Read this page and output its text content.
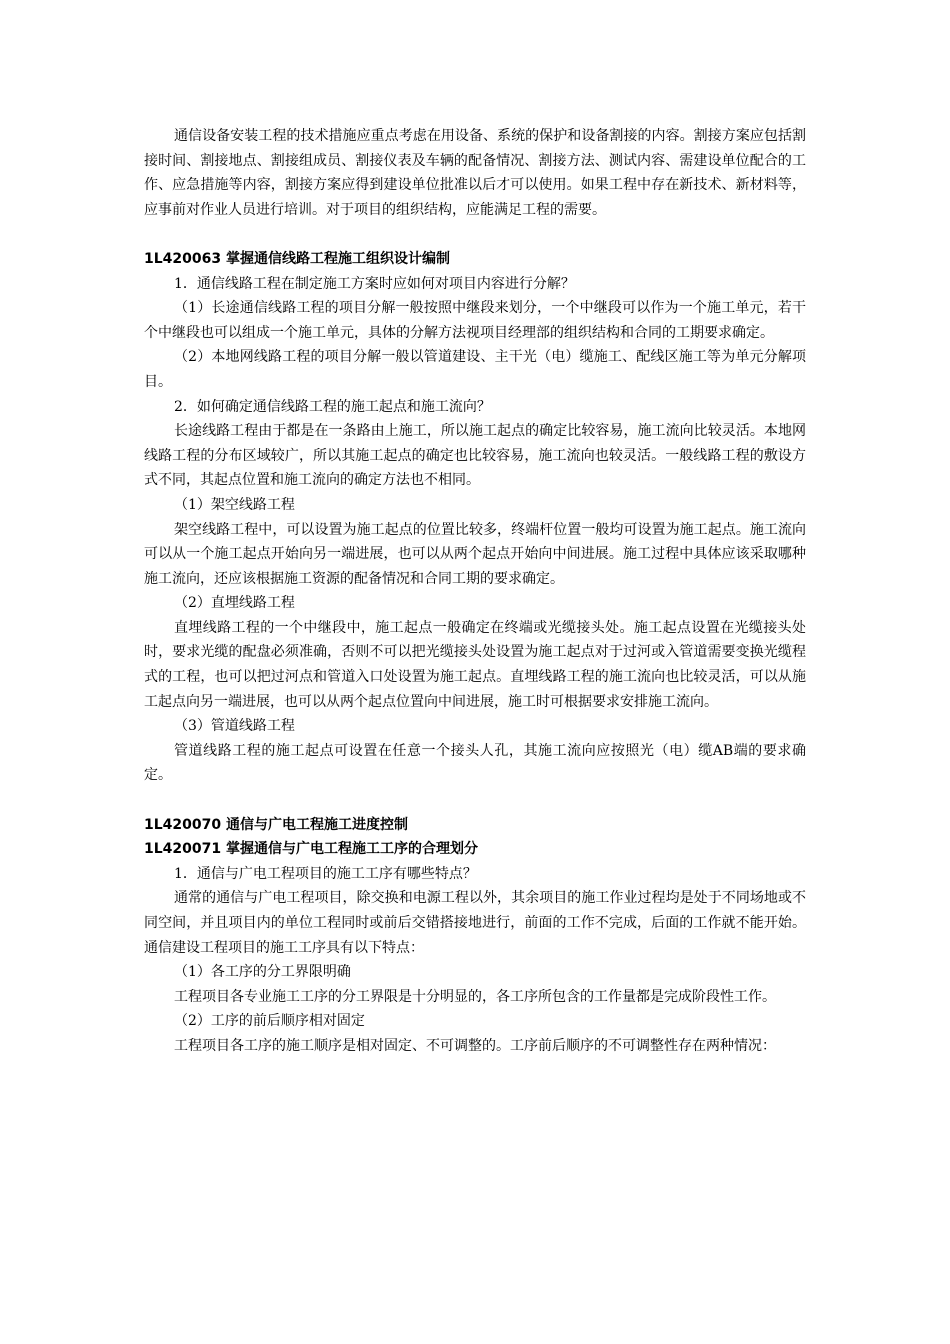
通信设备安装工程的技术措施应重点考虑在用设备、系统的保护和设备割接的内容。割接方案应包括割接时间、割接地点、割接组成员、割接仪表及车辆的配备情况、割接方法、测试内容、需建设单位配合的工作、应急措施等内容，割接方案应得到建设单位批准以后才可以使用。如果工程中存在新技术、新材料等，应事前对作业人员进行培训。对于项目的组织结构，应能满足工程的需要。

1L420063 掌握通信线路工程施工组织设计编制

1．通信线路工程在制定施工方案时应如何对项目内容进行分解？

（1）长途通信线路工程的项目分解一般按照中继段来划分，一个中继段可以作为一个施工单元，若干个中继段也可以组成一个施工单元，具体的分解方法视项目经理部的组织结构和合同的工期要求确定。

（2）本地网线路工程的项目分解一般以管道建设、主干光（电）缆施工、配线区施工等为单元分解项目。

2．如何确定通信线路工程的施工起点和施工流向？

长途线路工程由于都是在一条路由上施工，所以施工起点的确定比较容易，施工流向比较灵活。本地网线路工程的分布区域较广，所以其施工起点的确定也比较容易，施工流向也较灵活。一般线路工程的敷设方式不同，其起点位置和施工流向的确定方法也不相同。

（1）架空线路工程

架空线路工程中，可以设置为施工起点的位置比较多，终端杆位置一般均可设置为施工起点。施工流向可以从一个施工起点开始向另一端进展，也可以从两个起点开始向中间进展。施工过程中具体应该采取哪种施工流向，还应该根据施工资源的配备情况和合同工期的要求确定。

（2）直埋线路工程

直埋线路工程的一个中继段中，施工起点一般确定在终端或光缆接头处。施工起点设置在光缆接头处时，要求光缆的配盘必须准确，否则不可以把光缆接头处设置为施工起点对于过河或入管道需要变换光缆程式的工程，也可以把过河点和管道入口处设置为施工起点。直埋线路工程的施工流向也比较灵活，可以从施工起点向另一端进展，也可以从两个起点位置向中间进展，施工时可根据要求安排施工流向。

（3）管道线路工程

管道线路工程的施工起点可设置在任意一个接头人孔，其施工流向应按照光（电）缆AB端的要求确定。

1L420070 通信与广电工程施工进度控制

1L420071 掌握通信与广电工程施工工序的合理划分

1．通信与广电工程项目的施工工序有哪些特点？

通常的通信与广电工程项目，除交换和电源工程以外，其余项目的施工作业过程均是处于不同场地或不同空间，并且项目内的单位工程同时或前后交错搭接地进行，前面的工作不完成，后面的工作就不能开始。通信建设工程项目的施工工序具有以下特点：

（1）各工序的分工界限明确

工程项目各专业施工工序的分工界限是十分明显的，各工序所包含的工作量都是完成阶段性工作。

（2）工序的前后顺序相对固定

工程项目各工序的施工顺序是相对固定、不可调整的。工序前后顺序的不可调整性存在两种情况：
